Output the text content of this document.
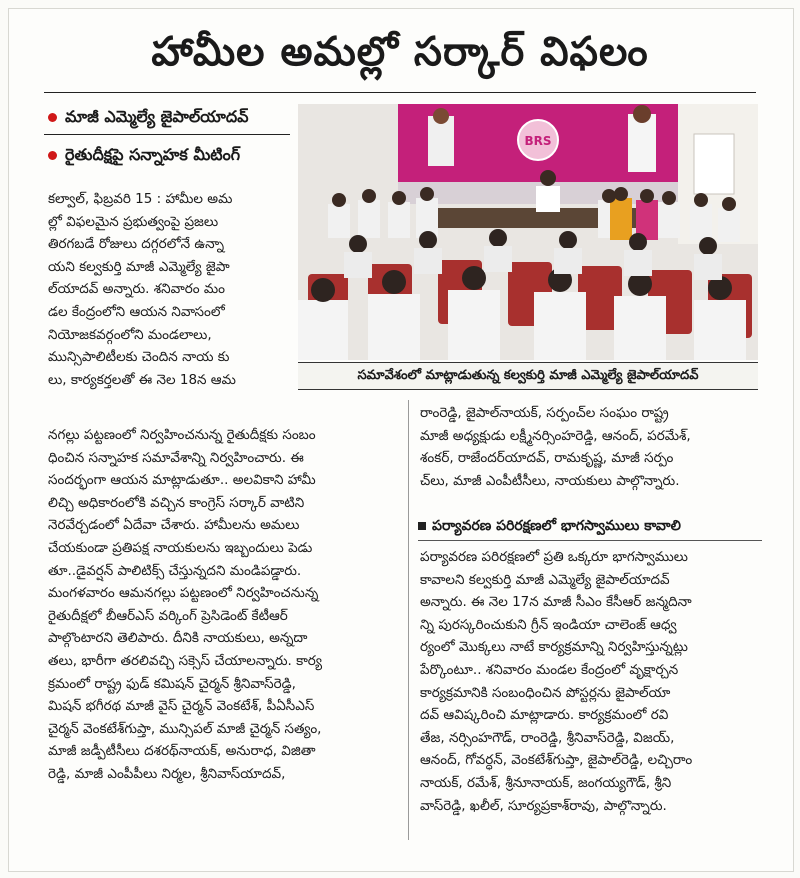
హామీల అమల్లో సర్కార్ విఫలం
మాజీ ఎమ్మెల్యే జైపాల్‌యాదవ్
రైతుదీక్షపై సన్నాహక మీటింగ్
BRS
సమావేశంలో మాట్లాడుతున్న కల్వకుర్తి మాజీ ఎమ్మెల్యే జైపాల్‌యాదవ్

కల్వాల్, ఫిబ్రవరి 15 : హామీల అమ

ల్లో విఫలమైన ప్రభుత్వంపై ప్రజలు

తిరగబడే రోజులు దగ్గరలోనే ఉన్నా

యని కల్వకుర్తి మాజీ ఎమ్మెల్యే జైపా

ల్‌యాదవ్ అన్నారు. శనివారం మం

డల కేంద్రంలోని ఆయన నివాసంలో

నియోజకవర్గంలోని మండలాలు,

మున్సిపాలిటీలకు చెందిన నాయ కు

లు, కార్యకర్తలతో ఈ నెల 18న ఆమ

నగల్లు పట్టణంలో నిర్వహించనున్న రైతుదీక్షకు సంబం

ధించిన సన్నాహక సమావేశాన్ని నిర్వహించారు. ఈ

సందర్భంగా ఆయన మాట్లాడుతూ.. అలవికాని హామీ

లిచ్చి అధికారంలోకి వచ్చిన కాంగ్రెస్ సర్కార్ వాటిని

నెరవేర్చడంలో ఏదేవా చేశారు. హామీలను అమలు

చేయకుండా ప్రతిపక్ష నాయకులను ఇబ్బందులు పెడు

తూ..డైవర్షన్ పాలిటిక్స్ చేస్తున్నదని మండిపడ్డారు.

మంగళవారం ఆమనగల్లు పట్టణంలో నిర్వహించనున్న

రైతుదీక్షలో బీఆర్ఎస్ వర్కింగ్ ప్రెసిడెంట్ కేటీఆర్

పాల్గొంటారని తెలిపారు. దీనికి నాయకులు, అన్నదా

తలు, భారీగా తరలివచ్చి సక్సెస్ చేయాలన్నారు. కార్య

క్రమంలో రాష్ట్ర ఫుడ్ కమిషన్ చైర్మన్ శ్రీనివాస్‌రెడ్డి,

మిషన్ భగీరథ మాజీ వైస్ చైర్మన్ వెంకటేశ్, పీఏసీఎస్

చైర్మన్ వెంకటేశ్‌గుప్తా, మున్సిపల్ మాజీ చైర్మన్ సత్యం,

మాజీ జడ్పీటీసీలు దశరథ్‌నాయక్, అనురాధ, విజితా

రెడ్డి, మాజీ ఎంపీపీలు నిర్మల, శ్రీనివాస్‌యాదవ్,

రాంరెడ్డి, జైపాల్‌నాయక్, సర్పంచ్‌ల సంఘం రాష్ట్ర

మాజీ అధ్యక్షుడు లక్ష్మీనర్సింహరెడ్డి, ఆనంద్, పరమేశ్,

శంకర్, రాజేందర్‌యాదవ్, రామకృష్ణ, మాజీ సర్పం

చ్‌లు, మాజీ ఎంపీటీసీలు, నాయకులు పాల్గొన్నారు.

పర్యావరణ పరిరక్షణలో భాగస్వాములు కావాలి

పర్యావరణ పరిరక్షణలో ప్రతి ఒక్కరూ భాగస్వాములు

కావాలని కల్వకుర్తి మాజీ ఎమ్మెల్యే జైపాల్‌యాదవ్

అన్నారు. ఈ నెల 17న మాజీ సీఎం కేసీఆర్ జన్మదినా

న్ని పురస్కరించుకుని గ్రీన్ ఇండియా చాలెంజ్ ఆధ్వ

ర్యంలో మొక్కలు నాటే కార్యక్రమాన్ని నిర్వహిస్తున్నట్లు

పేర్కొంటూ.. శనివారం మండల కేంద్రంలో వృక్షార్చన

కార్యక్రమానికి సంబంధించిన పోస్టర్లను జైపాల్‌యా

దవ్ ఆవిష్కరించి మాట్లాడారు. కార్యక్రమంలో రవి

తేజ, నర్సింహగౌడ్, రాంరెడ్డి, శ్రీనివాస్‌రెడ్డి, విజయ్,

ఆనంద్, గోవర్ధన్, వెంకటేశ్‌గుప్తా, జైపాల్‌రెడ్డి, లచ్చిరాం

నాయక్, రమేశ్, శ్రీనూనాయక్, జంగయ్యగౌడ్, శ్రీని

వాస్‌రెడ్డి, ఖలీల్, సూర్యప్రకాశ్‌రావు, పాల్గొన్నారు.
